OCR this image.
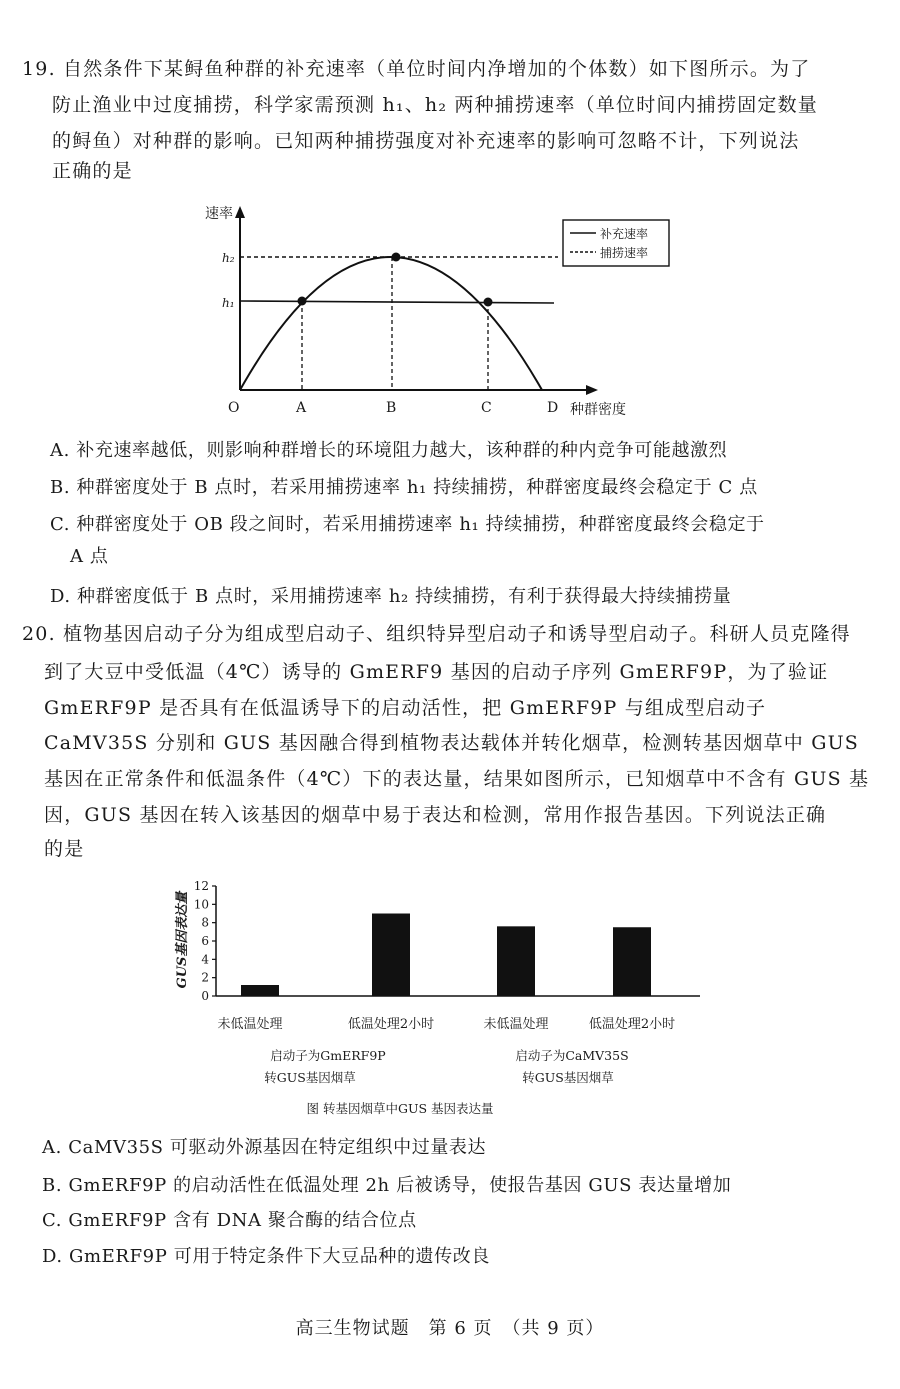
19. 自然条件下某鲟鱼种群的补充速率（单位时间内净增加的个体数）如下图所示。为了
防止渔业中过度捕捞，科学家需预测 h₁、h₂ 两种捕捞速率（单位时间内捕捞固定数量
的鲟鱼）对种群的影响。已知两种捕捞强度对补充速率的影响可忽略不计，下列说法
正确的是
速率
h₂
h₁
O	A	B	C	D 种群密度
补充速率
捕捞速率
A. 补充速率越低，则影响种群增长的环境阻力越大，该种群的种内竞争可能越激烈
B. 种群密度处于 B 点时，若采用捕捞速率 h₁ 持续捕捞，种群密度最终会稳定于 C 点
C. 种群密度处于 OB 段之间时，若采用捕捞速率 h₁ 持续捕捞，种群密度最终会稳定于
A 点
D. 种群密度低于 B 点时，采用捕捞速率 h₂ 持续捕捞，有利于获得最大持续捕捞量
20. 植物基因启动子分为组成型启动子、组织特异型启动子和诱导型启动子。科研人员克隆得
到了大豆中受低温（4℃）诱导的 GmERF9 基因的启动子序列 GmERF9P，为了验证
GmERF9P 是否具有在低温诱导下的启动活性，把 GmERF9P 与组成型启动子
CaMV35S 分别和 GUS 基因融合得到植物表达载体并转化烟草，检测转基因烟草中 GUS
基因在正常条件和低温条件（4℃）下的表达量，结果如图所示，已知烟草中不含有 GUS 基
因，GUS 基因在转入该基因的烟草中易于表达和检测，常用作报告基因。下列说法正确
的是
GUS基因表达量
0
2
4
6
8
10
12
未低温处理	低温处理2小时	未低温处理	低温处理2小时
启动子为GmERF9P
转GUS基因烟草
启动子为CaMV35S
转GUS基因烟草
图 转基因烟草中GUS 基因表达量
A. CaMV35S 可驱动外源基因在特定组织中过量表达
B. GmERF9P 的启动活性在低温处理 2h 后被诱导，使报告基因 GUS 表达量增加
C. GmERF9P 含有 DNA 聚合酶的结合位点
D. GmERF9P 可用于特定条件下大豆品种的遗传改良
高三生物试题　第 6 页　（共 9 页）
